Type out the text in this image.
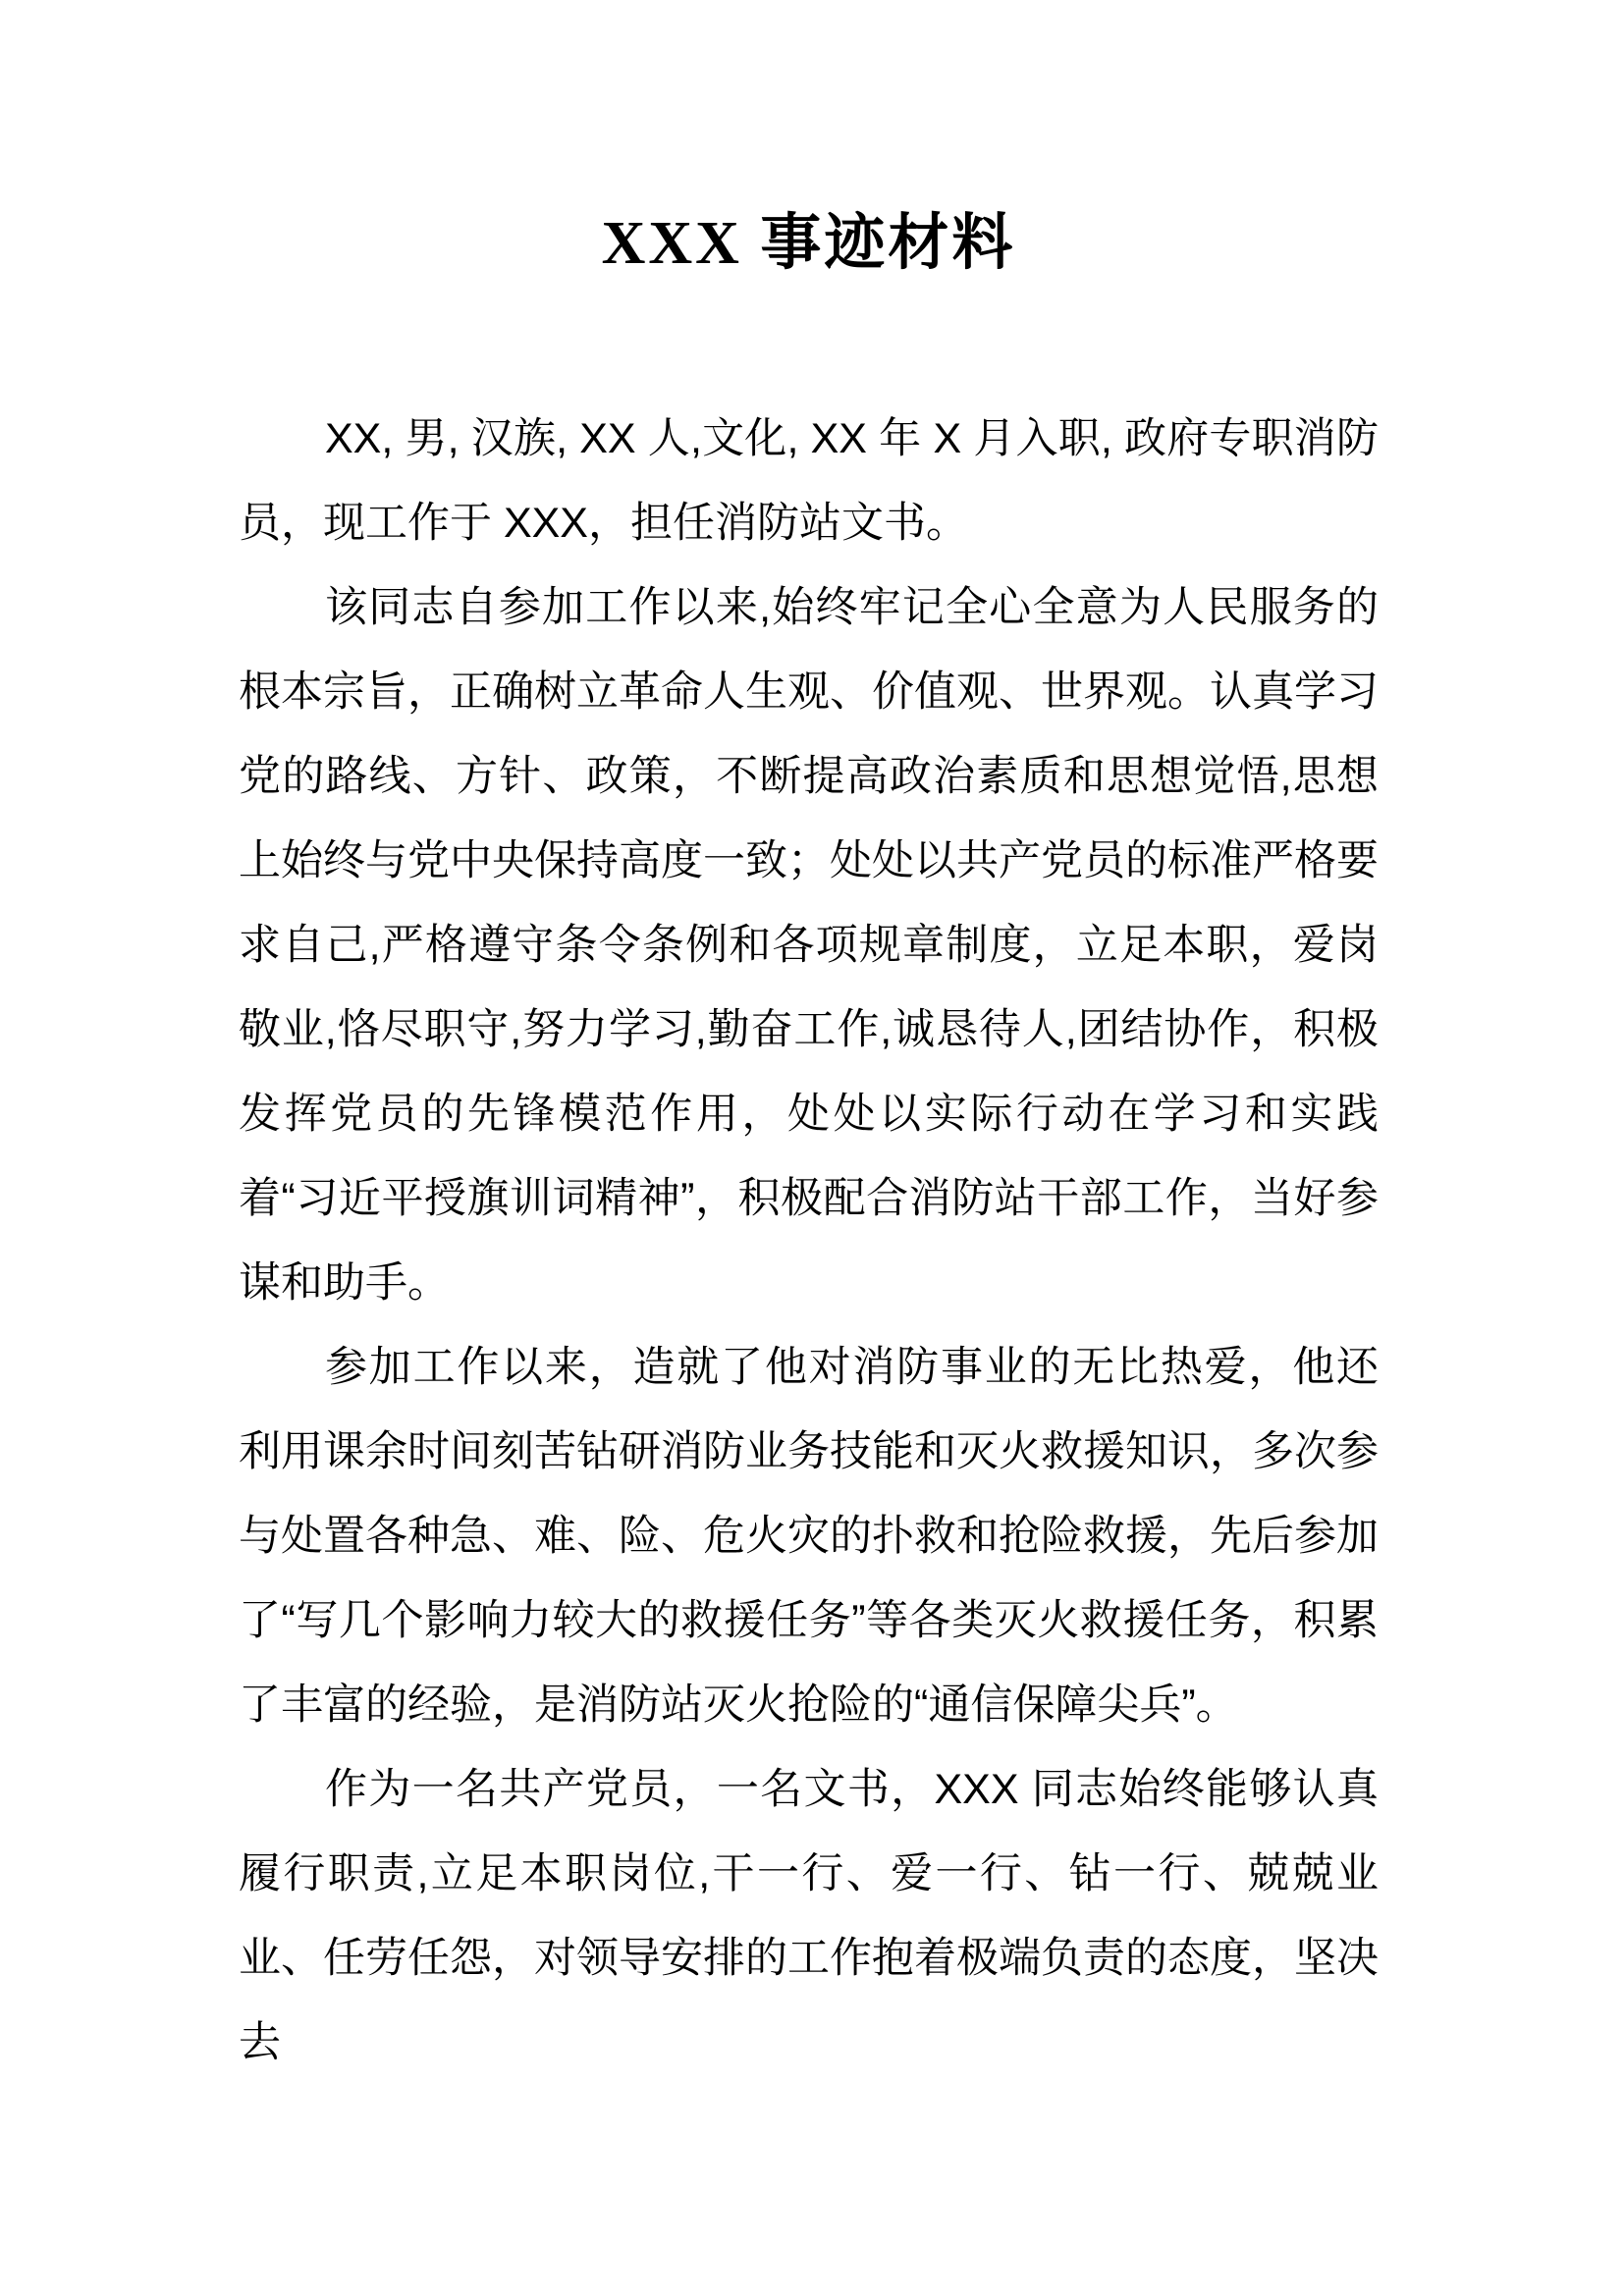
XXX 事迹材料

XX, 男, 汉族, XX 人,文化, XX 年 X 月入职, 政府专职消防员，现工作于 XXX，担任消防站文书。

该同志自参加工作以来,始终牢记全心全意为人民服务的根本宗旨，正确树立革命人生观、价值观、世界观。认真学习党的路线、方针、政策，不断提高政治素质和思想觉悟,思想上始终与党中央保持高度一致；处处以共产党员的标准严格要求自己,严格遵守条令条例和各项规章制度，立足本职，爱岗敬业,恪尽职守,努力学习,勤奋工作,诚恳待人,团结协作，积极发挥党员的先锋模范作用，处处以实际行动在学习和实践着“习近平授旗训词精神”，积极配合消防站干部工作，当好参谋和助手。

参加工作以来，造就了他对消防事业的无比热爱，他还利用课余时间刻苦钻研消防业务技能和灭火救援知识，多次参与处置各种急、难、险、危火灾的扑救和抢险救援，先后参加了“写几个影响力较大的救援任务”等各类灭火救援任务，积累了丰富的经验，是消防站灭火抢险的“通信保障尖兵”。

作为一名共产党员，一名文书，XXX 同志始终能够认真履行职责,立足本职岗位,干一行、爱一行、钻一行、兢兢业业、任劳任怨，对领导安排的工作抱着极端负责的态度，坚决去
